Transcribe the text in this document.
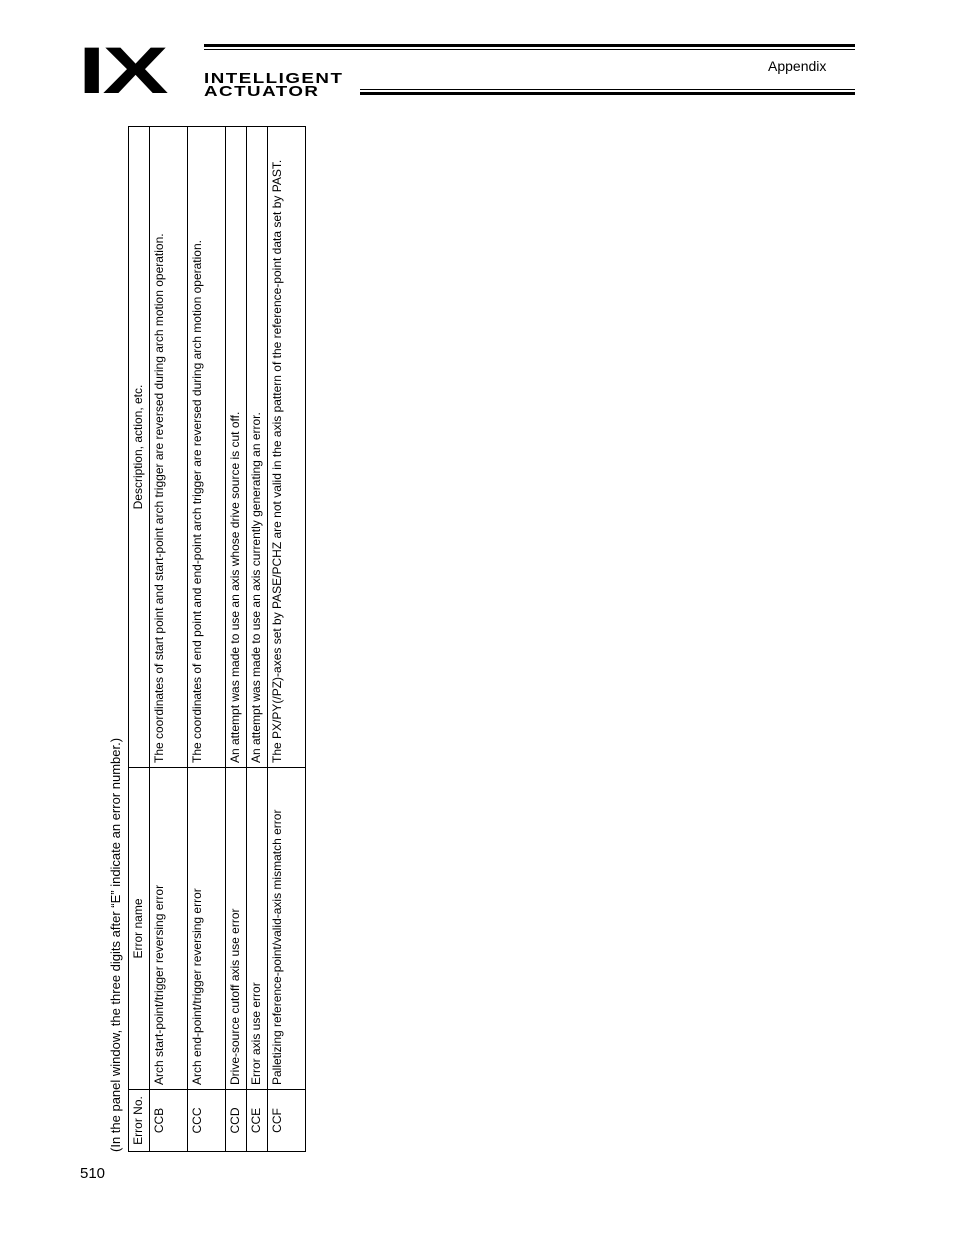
IX	INTELLIGENT
ACTUATOR
Appendix
(In the panel window, the three digits after “E” indicate an error number.) Error No.	Error name	Description, action, etc.
CCB	Arch start-point/trigger reversing error	The coordinates of start point and start-point arch trigger are reversed during arch motion operation.
CCC	Arch end-point/trigger reversing error	The coordinates of end point and end-point arch trigger are reversed during arch motion operation.
CCD	Drive-source cutoff axis use error	An attempt was made to use an axis whose drive source is cut off.
CCE	Error axis use error	An attempt was made to use an axis currently generating an error.
CCF	Palletizing reference-point/valid-axis mismatch error	The PX/PY(/PZ)-axes set by PASE/PCHZ are not valid in the axis pattern of the reference-point data set by PAST.
510
